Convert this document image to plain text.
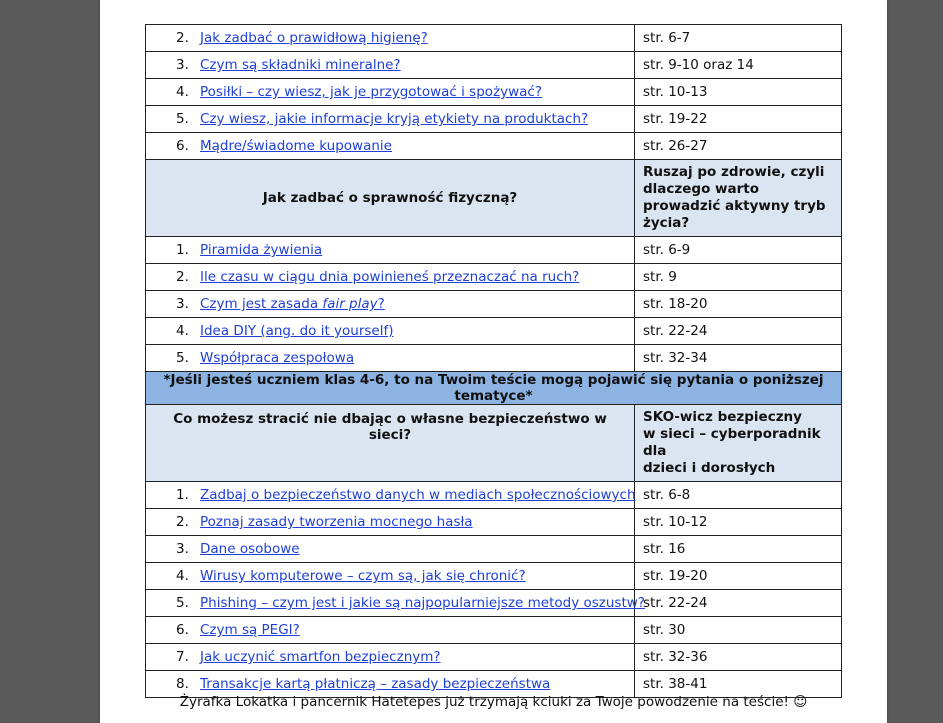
2. Jak zadbać o prawidłową higienę?	str. 6-7
3. Czym są składniki mineralne?	str. 9-10 oraz 14
4. Posiłki – czy wiesz, jak je przygotować i spożywać?	str. 10-13
5. Czy wiesz, jakie informacje kryją etykiety na produktach?	str. 19-22
6. Mądre/świadome kupowanie	str. 26-27
Jak zadbać o sprawność fizyczną?	Ruszaj po zdrowie, czyli dlaczego warto prowadzić aktywny tryb życia?
1. Piramida żywienia	str. 6-9
2. Ile czasu w ciągu dnia powinieneś przeznaczać na ruch?	str. 9
3. Czym jest zasada fair play?	str. 18-20
4. Idea DIY (ang. do it yourself)	str. 22-24
5. Współpraca zespołowa	str. 32-34
*Jeśli jesteś uczniem klas 4-6, to na Twoim teście mogą pojawić się pytania o poniższej tematyce*	
Co możesz stracić nie dbając o własne bezpieczeństwo w sieci?	SKO-wicz bezpieczny
w sieci – cyberporadnik dla
dzieci i dorosłych

1. Zadbaj o bezpieczeństwo danych w mediach społecznościowych	str. 6-8
2. Poznaj zasady tworzenia mocnego hasła	str. 10-12
3. Dane osobowe	str. 16
4. Wirusy komputerowe – czym są, jak się chronić?	str. 19-20
5. Phishing – czym jest i jakie są najpopularniejsze metody oszustw?	str. 22-24
6. Czym są PEGI?	str. 30
7. Jak uczynić smartfon bezpiecznym?	str. 32-36
8. Transakcje kartą płatniczą – zasady bezpieczeństwa	str. 38-41
Żyrafka Lokatka i pancernik Hatetepes już trzymają kciuki za Twoje powodzenie na teście! ☺
